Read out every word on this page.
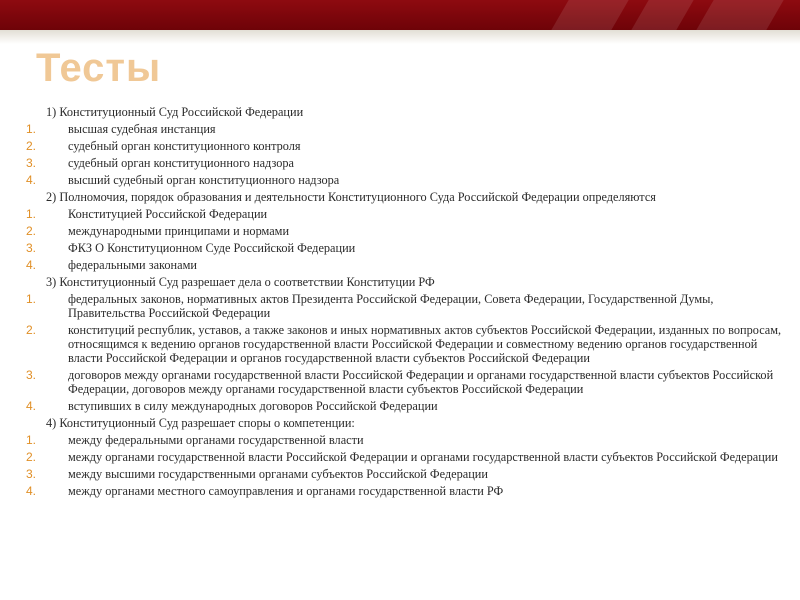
Тесты
1) Конституционный Суд Российской Федерации
1.	высшая судебная инстанция
2.	судебный орган конституционного контроля
3.	судебный орган конституционного надзора
4.	высший судебный орган конституционного надзора
2) Полномочия, порядок образования и деятельности Конституционного Суда Российской Федерации определяются
1.	Конституцией Российской Федерации
2.	международными принципами и нормами
3.	ФКЗ О Конституционном Суде Российской Федерации
4.	федеральными законами
3) Конституционный Суд разрешает дела о соответствии Конституции РФ
1.	федеральных законов, нормативных актов Президента Российской Федерации, Совета Федерации, Государственной Думы, Правительства Российской Федерации
2.	конституций республик, уставов, а также законов и иных нормативных актов субъектов Российской Федерации, изданных по вопросам, относящимся к ведению органов государственной власти Российской Федерации и совместному ведению органов государственной власти Российской Федерации и органов государственной власти субъектов Российской Федерации
3.	договоров между органами государственной власти Российской Федерации и органами государственной власти субъектов Российской Федерации, договоров между органами государственной власти субъектов Российской Федерации
4.	вступивших в силу международных договоров Российской Федерации
4) Конституционный Суд разрешает споры о компетенции:
1.	между федеральными органами государственной власти
2.	между органами государственной власти Российской Федерации и органами государственной власти субъектов Российской Федерации
3.	между высшими государственными органами субъектов Российской Федерации
4.	между органами местного самоуправления и органами государственной власти РФ
